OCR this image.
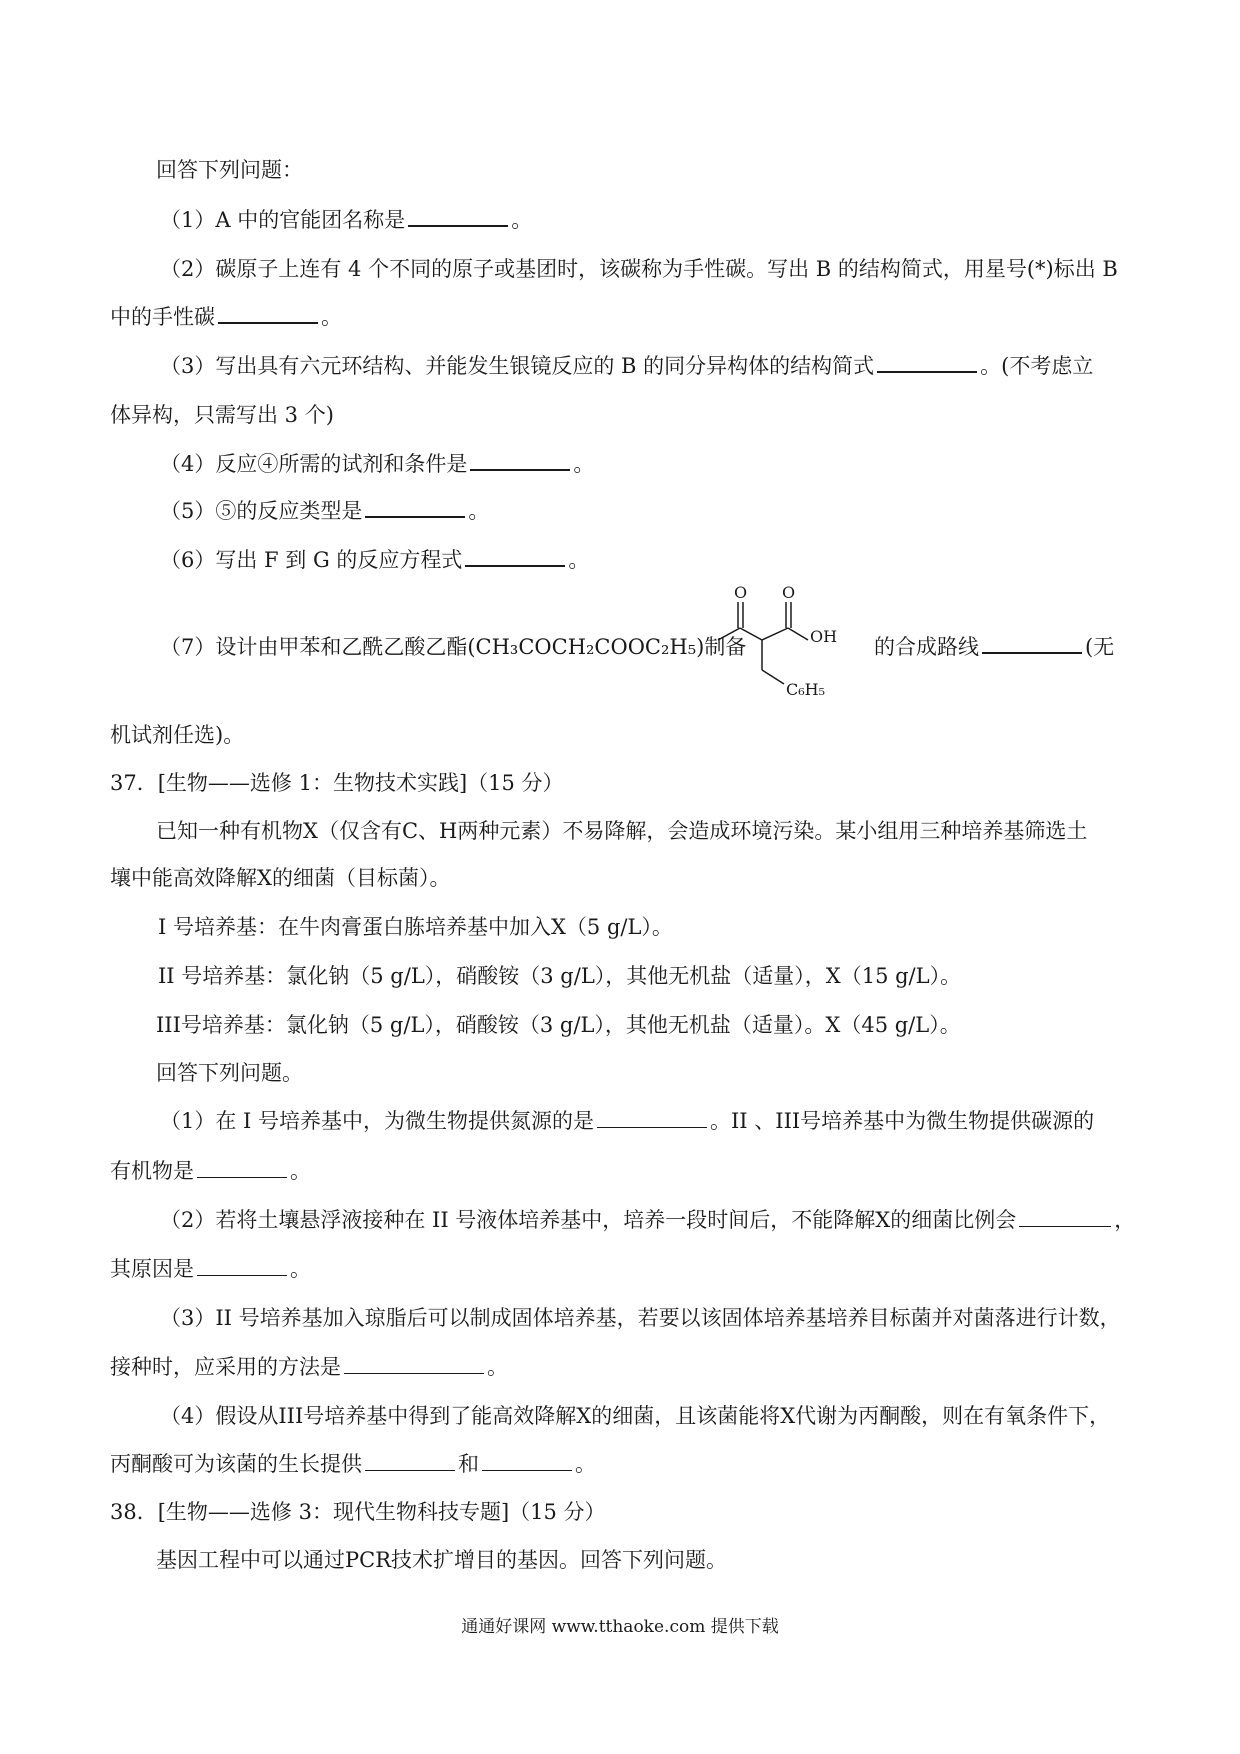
回答下列问题：
（1）A 中的官能团名称是	。
（2）碳原子上连有 4 个不同的原子或基团时，该碳称为手性碳。写出 B 的结构简式，用星号(*)标出 B
中的手性碳	。
（3）写出具有六元环结构、并能发生银镜反应的 B 的同分异构体的结构简式	。(不考虑立
体异构，只需写出 3 个)
（4）反应④所需的试剂和条件是	。
（5）⑤的反应类型是	。
（6）写出 F 到 G 的反应方程式	。
（7）设计由甲苯和乙酰乙酸乙酯(CH₃COCH₂COOC₂H₅)制备
O O
OH
C₆H₅
的合成路线	(无
机试剂任选)。
37．[生物——选修 1：生物技术实践]（15 分）
已知一种有机物X（仅含有C、H两种元素）不易降解，会造成环境污染。某小组用三种培养基筛选土
壤中能高效降解X的细菌（目标菌）。
I 号培养基：在牛肉膏蛋白胨培养基中加入X（5 g/L）。
II 号培养基：氯化钠（5 g/L），硝酸铵（3 g/L），其他无机盐（适量），X（15 g/L）。
III号培养基：氯化钠（5 g/L），硝酸铵（3 g/L），其他无机盐（适量）。X（45 g/L）。
回答下列问题。
（1）在 I 号培养基中，为微生物提供氮源的是	。II 、III号培养基中为微生物提供碳源的
有机物是	。
（2）若将土壤悬浮液接种在 II 号液体培养基中，培养一段时间后，不能降解X的细菌比例会	，
其原因是	。
（3）II 号培养基加入琼脂后可以制成固体培养基，若要以该固体培养基培养目标菌并对菌落进行计数，
接种时，应采用的方法是	。
（4）假设从III号培养基中得到了能高效降解X的细菌，且该菌能将X代谢为丙酮酸，则在有氧条件下，
丙酮酸可为该菌的生长提供	和	。
38．[生物——选修 3：现代生物科技专题]（15 分）
基因工程中可以通过PCR技术扩增目的基因。回答下列问题。
通通好课网 www.tthaoke.com 提供下载
